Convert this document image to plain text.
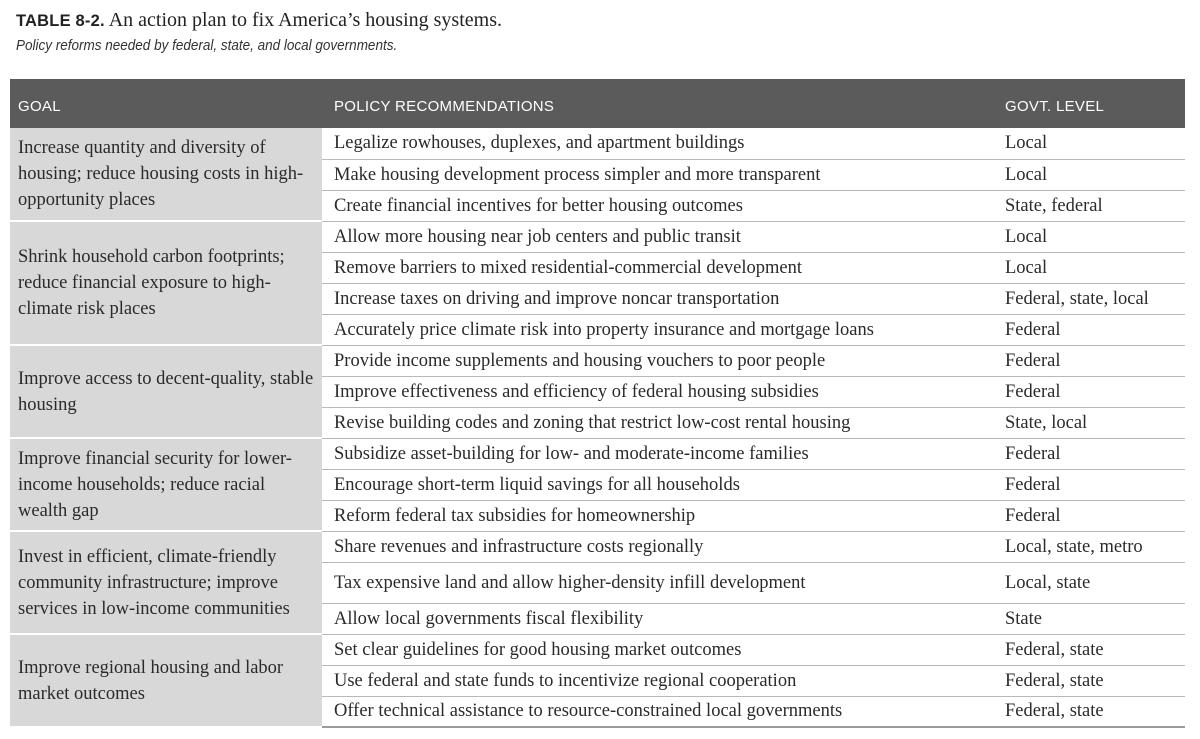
TABLE 8-2. An action plan to fix America’s housing systems.
Policy reforms needed by federal, state, and local governments.
GOAL	POLICY RECOMMENDATIONS	GOVT. LEVEL
Increase quantity and diversity of housing; reduce housing costs in high-opportunity places	Legalize rowhouses, duplexes, and apartment buildings	Local
	Make housing development process simpler and more transparent	Local
	Create financial incentives for better housing outcomes	State, federal
Shrink household carbon footprints; reduce financial exposure to high-climate risk places	Allow more housing near job centers and public transit	Local
	Remove barriers to mixed residential-commercial development	Local
	Increase taxes on driving and improve noncar transportation	Federal, state, local
	Accurately price climate risk into property insurance and mortgage loans	Federal
Improve access to decent-quality, stable housing	Provide income supplements and housing vouchers to poor people	Federal
	Improve effectiveness and efficiency of federal housing subsidies	Federal
	Revise building codes and zoning that restrict low-cost rental housing	State, local
Improve financial security for lower-income households; reduce racial wealth gap	Subsidize asset-building for low- and moderate-income families	Federal
	Encourage short-term liquid savings for all households	Federal
	Reform federal tax subsidies for homeownership	Federal
Invest in efficient, climate-friendly community infrastructure; improve services in low-income communities	Share revenues and infrastructure costs regionally	Local, state, metro
	Tax expensive land and allow higher-density infill development	Local, state
	Allow local governments fiscal flexibility	State
Improve regional housing and labor market outcomes	Set clear guidelines for good housing market outcomes	Federal, state
	Use federal and state funds to incentivize regional cooperation	Federal, state
	Offer technical assistance to resource-constrained local governments	Federal, state
